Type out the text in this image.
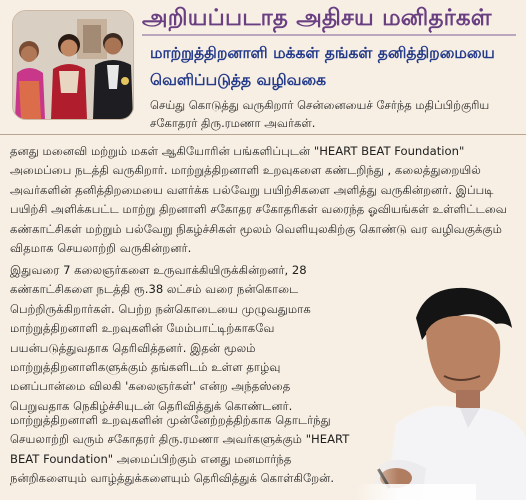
அறியப்படாத அதிசய மனிதர்கள்
மாற்றுத்திறனாளி மக்கள் தங்கள் தனித்திறமையை
வெளிப்படுத்த வழிவகை
செய்து கொடுத்து வருகிறார் சென்னையைச் சேர்ந்த மதிப்பிற்குரிய
சகோதரர் திரு.ரமணா அவர்கள்.
தனது மனைவி மற்றும் மகள் ஆகியோரின் பங்களிப்புடன் "HEART BEAT Foundation" அமைப்பை நடத்தி வருகிறார். மாற்றுத்திறனாளி உறவுகளை கண்டறிந்து , கலைத்துறையில் அவர்களின் தனித்திறமையை வளர்க்க பல்வேறு பயிற்சிகளை அளித்து வருகின்றனர். இப்படி பயிற்சி அளிக்கபட்ட மாற்று திறனாளி சகோதர சகோதரிகள் வரைந்த ஓவியங்கள் உள்ளிட்டவை கண்காட்சிகள் மற்றும் பல்வேறு நிகழ்ச்சிகள் மூலம் வெளியுலகிற்கு கொண்டு வர வழிவகுக்கும் விதமாக செயலாற்றி வருகின்றனர்.
இதுவரை 7 கலைஞர்களை உருவாக்கியிருக்கின்றனர், 28 கண்காட்சிகளை நடத்தி ரூ.38 லட்சம் வரை நன்கொடை பெற்றிருக்கிறார்கள். பெற்ற நன்கொடையை முழுவதுமாக மாற்றுத்திறனாளி உறவுகளின் மேம்பாட்டிற்காகவே பயன்படுத்துவதாக தெரிவித்தனர். இதன் மூலம் மாற்றுத்திறனாளிகளுக்கும் தங்களிடம் உள்ள தாழ்வு மனப்பான்மை விலகி 'கலைஞர்கள்' என்ற அந்தஸ்தை பெறுவதாக நெகிழ்ச்சியுடன் தெரிவித்துக் கொண்டனர்.
மாற்றுத்திறனாளி உறவுகளின் முன்னேற்றத்திற்காக தொடர்ந்து செயலாற்றி வரும் சகோதரர் திரு.ரமணா அவர்களுக்கும் "HEART BEAT Foundation" அமைப்பிற்கும் எனது மனமார்ந்த நன்றிகளையும் வாழ்த்துக்களையும் தெரிவித்துக் கொள்கிறேன்.
